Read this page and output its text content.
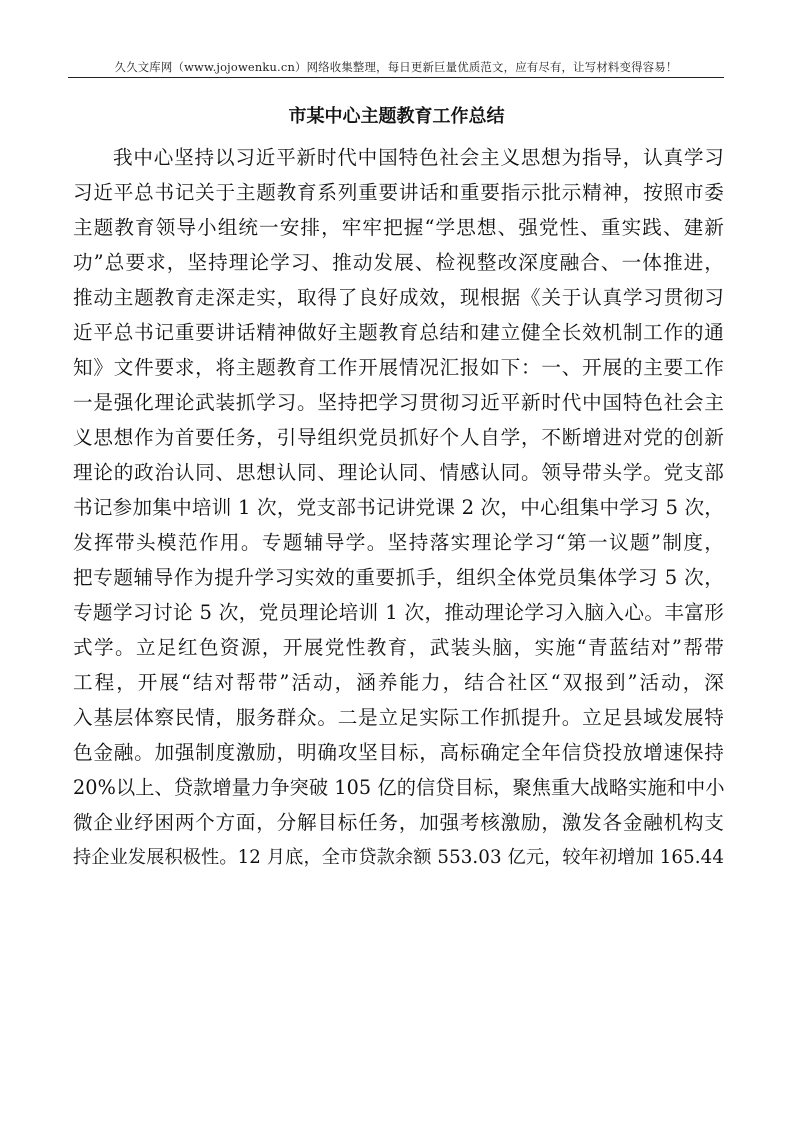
久久文库网（www.jojowenku.cn）网络收集整理，每日更新巨量优质范文，应有尽有，让写材料变得容易！
市某中心主题教育工作总结
我中心坚持以习近平新时代中国特色社会主义思想为指导，认真学习
习近平总书记关于主题教育系列重要讲话和重要指示批示精神，按照市委
主题教育领导小组统一安排，牢牢把握“学思想、强党性、重实践、建新
功”总要求，坚持理论学习、推动发展、检视整改深度融合、一体推进，
推动主题教育走深走实，取得了良好成效，现根据《关于认真学习贯彻习
近平总书记重要讲话精神做好主题教育总结和建立健全长效机制工作的通
知》文件要求，将主题教育工作开展情况汇报如下：一、开展的主要工作
一是强化理论武装抓学习。坚持把学习贯彻习近平新时代中国特色社会主
义思想作为首要任务，引导组织党员抓好个人自学，不断增进对党的创新
理论的政治认同、思想认同、理论认同、情感认同。领导带头学。党支部
书记参加集中培训 1 次，党支部书记讲党课 2 次，中心组集中学习 5 次，
发挥带头模范作用。专题辅导学。坚持落实理论学习“第一议题”制度，
把专题辅导作为提升学习实效的重要抓手，组织全体党员集体学习 5 次，
专题学习讨论 5 次，党员理论培训 1 次，推动理论学习入脑入心。丰富形
式学。立足红色资源，开展党性教育，武装头脑，实施“青蓝结对”帮带
工程，开展“结对帮带”活动，涵养能力，结合社区“双报到”活动，深
入基层体察民情，服务群众。二是立足实际工作抓提升。立足县域发展特
色金融。加强制度激励，明确攻坚目标，高标确定全年信贷投放增速保持
20%以上、贷款增量力争突破 105 亿的信贷目标，聚焦重大战略实施和中小
微企业纾困两个方面，分解目标任务，加强考核激励，激发各金融机构支
持企业发展积极性。12 月底，全市贷款余额 553.03 亿元，较年初增加 165.44
